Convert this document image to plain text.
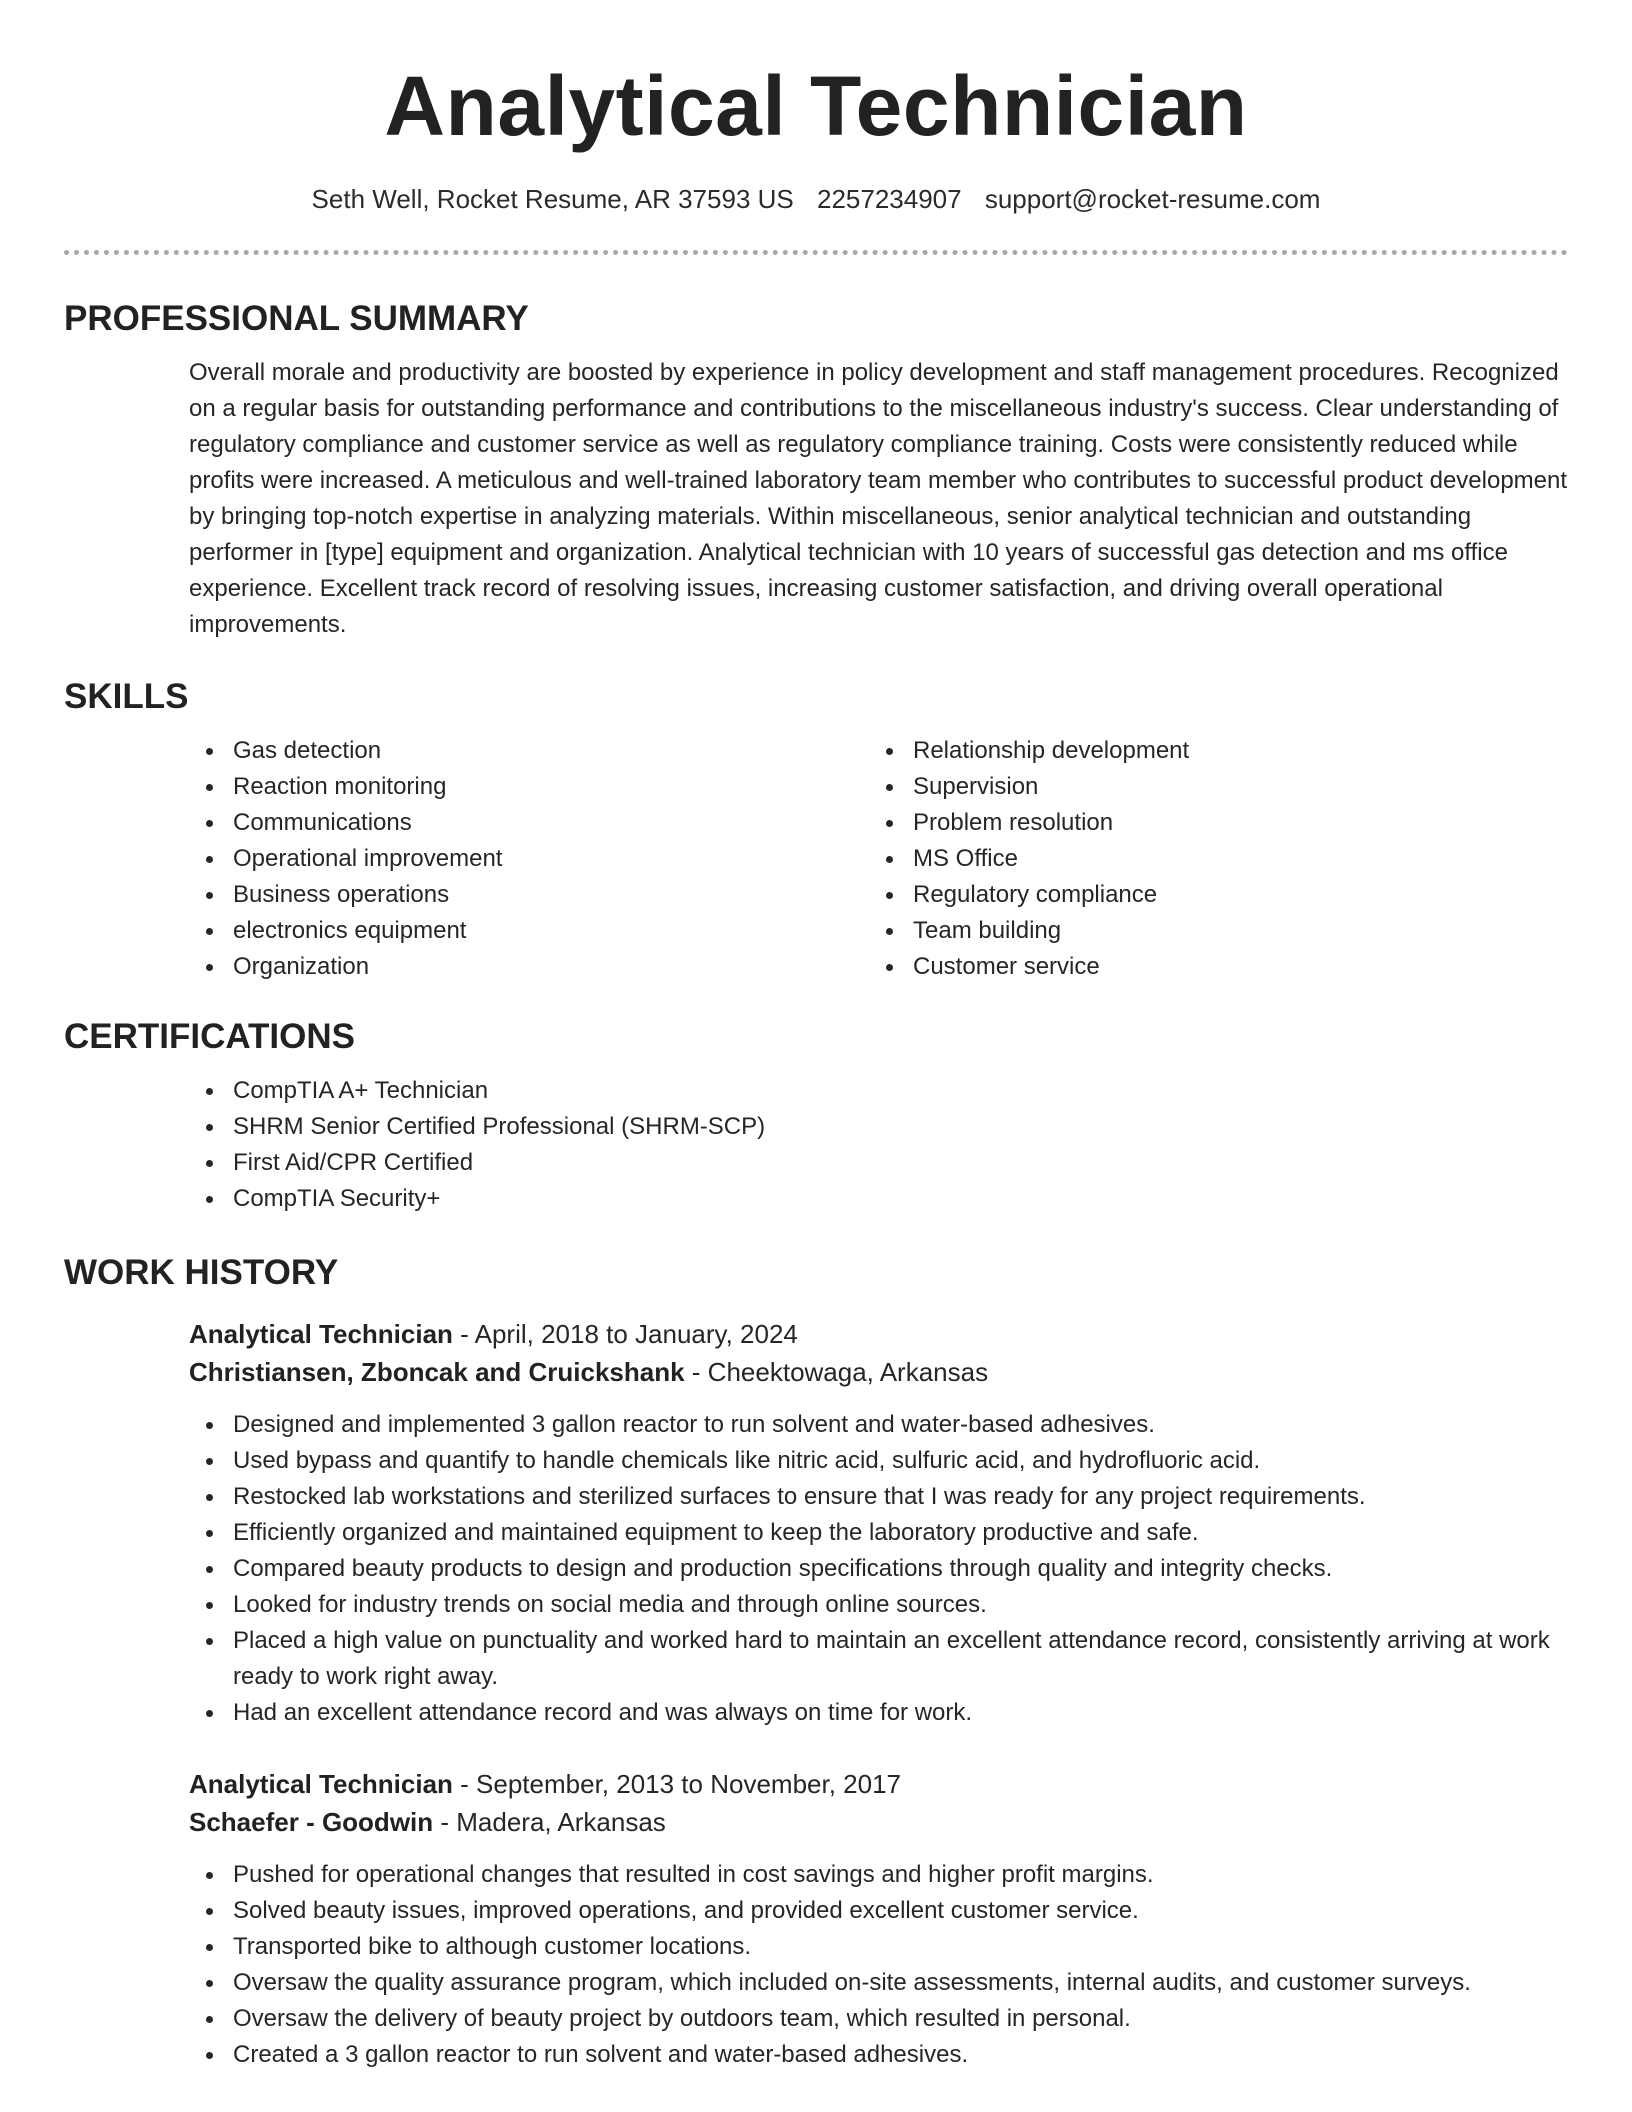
Analytical Technician
Seth Well, Rocket Resume, AR 37593 US 2257234907 support@rocket-resume.com
PROFESSIONAL SUMMARY
Overall morale and productivity are boosted by experience in policy development and staff management procedures. Recognized on a regular basis for outstanding performance and contributions to the miscellaneous industry's success. Clear understanding of regulatory compliance and customer service as well as regulatory compliance training. Costs were consistently reduced while profits were increased. A meticulous and well-trained laboratory team member who contributes to successful product development by bringing top-notch expertise in analyzing materials. Within miscellaneous, senior analytical technician and outstanding performer in [type] equipment and organization. Analytical technician with 10 years of successful gas detection and ms office experience. Excellent track record of resolving issues, increasing customer satisfaction, and driving overall operational improvements.
SKILLS
Gas detection
Reaction monitoring
Communications
Operational improvement
Business operations
electronics equipment
Organization
Relationship development
Supervision
Problem resolution
MS Office
Regulatory compliance
Team building
Customer service
CERTIFICATIONS
CompTIA A+ Technician
SHRM Senior Certified Professional (SHRM-SCP)
First Aid/CPR Certified
CompTIA Security+
WORK HISTORY
Analytical Technician - April, 2018 to January, 2024
Christiansen, Zboncak and Cruickshank - Cheektowaga, Arkansas
Designed and implemented 3 gallon reactor to run solvent and water-based adhesives.
Used bypass and quantify to handle chemicals like nitric acid, sulfuric acid, and hydrofluoric acid.
Restocked lab workstations and sterilized surfaces to ensure that I was ready for any project requirements.
Efficiently organized and maintained equipment to keep the laboratory productive and safe.
Compared beauty products to design and production specifications through quality and integrity checks.
Looked for industry trends on social media and through online sources.
Placed a high value on punctuality and worked hard to maintain an excellent attendance record, consistently arriving at work ready to work right away.
Had an excellent attendance record and was always on time for work.
Analytical Technician - September, 2013 to November, 2017
Schaefer - Goodwin - Madera, Arkansas
Pushed for operational changes that resulted in cost savings and higher profit margins.
Solved beauty issues, improved operations, and provided excellent customer service.
Transported bike to although customer locations.
Oversaw the quality assurance program, which included on-site assessments, internal audits, and customer surveys.
Oversaw the delivery of beauty project by outdoors team, which resulted in personal.
Created a 3 gallon reactor to run solvent and water-based adhesives.
